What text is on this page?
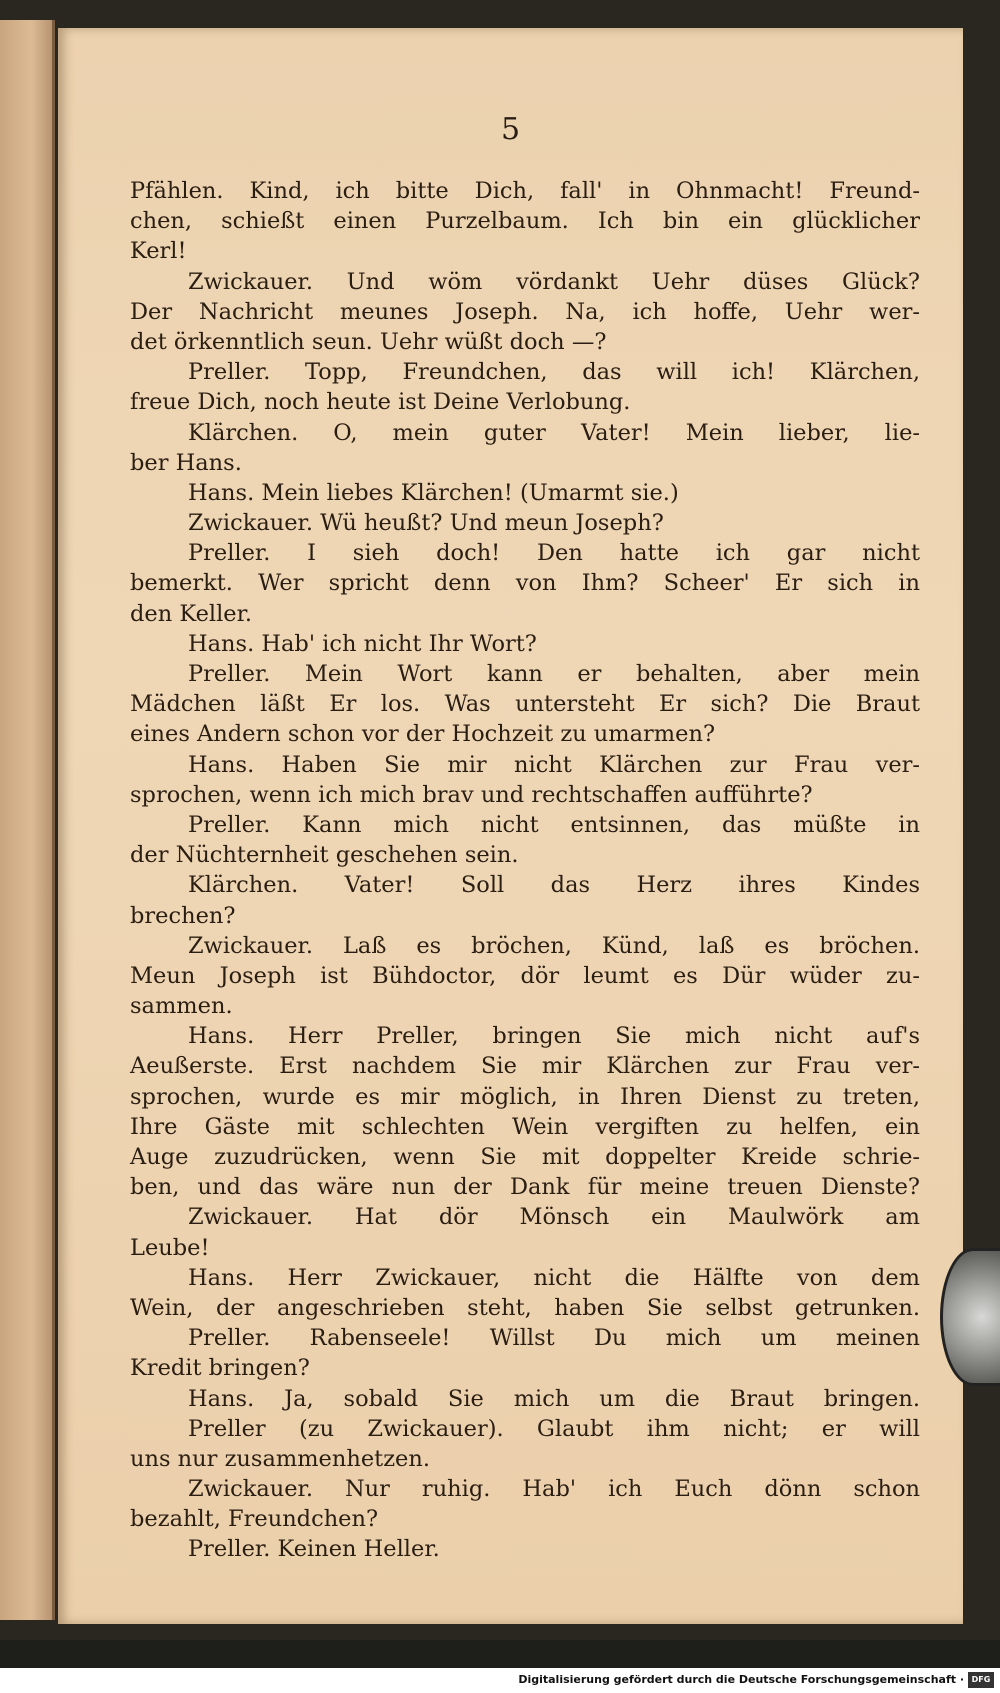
5
Pfählen. Kind, ich bitte Dich, fall' in Ohnmacht! Freund-
chen, schießt einen Purzelbaum. Ich bin ein glücklicher
Kerl!
Zwickauer. Und wöm vördankt Uehr düses Glück?
Der Nachricht meunes Joseph. Na, ich hoffe, Uehr wer-
det örkenntlich seun. Uehr wüßt doch —?
Preller. Topp, Freundchen, das will ich! Klärchen,
freue Dich, noch heute ist Deine Verlobung.
Klärchen. O, mein guter Vater! Mein lieber, lie-
ber Hans.
Hans. Mein liebes Klärchen! (Umarmt sie.)
Zwickauer. Wü heußt? Und meun Joseph?
Preller. I sieh doch! Den hatte ich gar nicht
bemerkt. Wer spricht denn von Ihm? Scheer' Er sich in
den Keller.
Hans. Hab' ich nicht Ihr Wort?
Preller. Mein Wort kann er behalten, aber mein
Mädchen läßt Er los. Was untersteht Er sich? Die Braut
eines Andern schon vor der Hochzeit zu umarmen?
Hans. Haben Sie mir nicht Klärchen zur Frau ver-
sprochen, wenn ich mich brav und rechtschaffen aufführte?
Preller. Kann mich nicht entsinnen, das müßte in
der Nüchternheit geschehen sein.
Klärchen. Vater! Soll das Herz ihres Kindes
brechen?
Zwickauer. Laß es bröchen, Künd, laß es bröchen.
Meun Joseph ist Bühdoctor, dör leumt es Dür wüder zu-
sammen.
Hans. Herr Preller, bringen Sie mich nicht auf's
Aeußerste. Erst nachdem Sie mir Klärchen zur Frau ver-
sprochen, wurde es mir möglich, in Ihren Dienst zu treten,
Ihre Gäste mit schlechten Wein vergiften zu helfen, ein
Auge zuzudrücken, wenn Sie mit doppelter Kreide schrie-
ben, und das wäre nun der Dank für meine treuen Dienste?
Zwickauer. Hat dör Mönsch ein Maulwörk am
Leube!
Hans. Herr Zwickauer, nicht die Hälfte von dem
Wein, der angeschrieben steht, haben Sie selbst getrunken.
Preller. Rabenseele! Willst Du mich um meinen
Kredit bringen?
Hans. Ja, sobald Sie mich um die Braut bringen.
Preller (zu Zwickauer). Glaubt ihm nicht; er will
uns nur zusammenhetzen.
Zwickauer. Nur ruhig. Hab' ich Euch dönn schon
bezahlt, Freundchen?
Preller. Keinen Heller.
Digitalisierung gefördert durch die Deutsche Forschungsgemeinschaft · DFG
